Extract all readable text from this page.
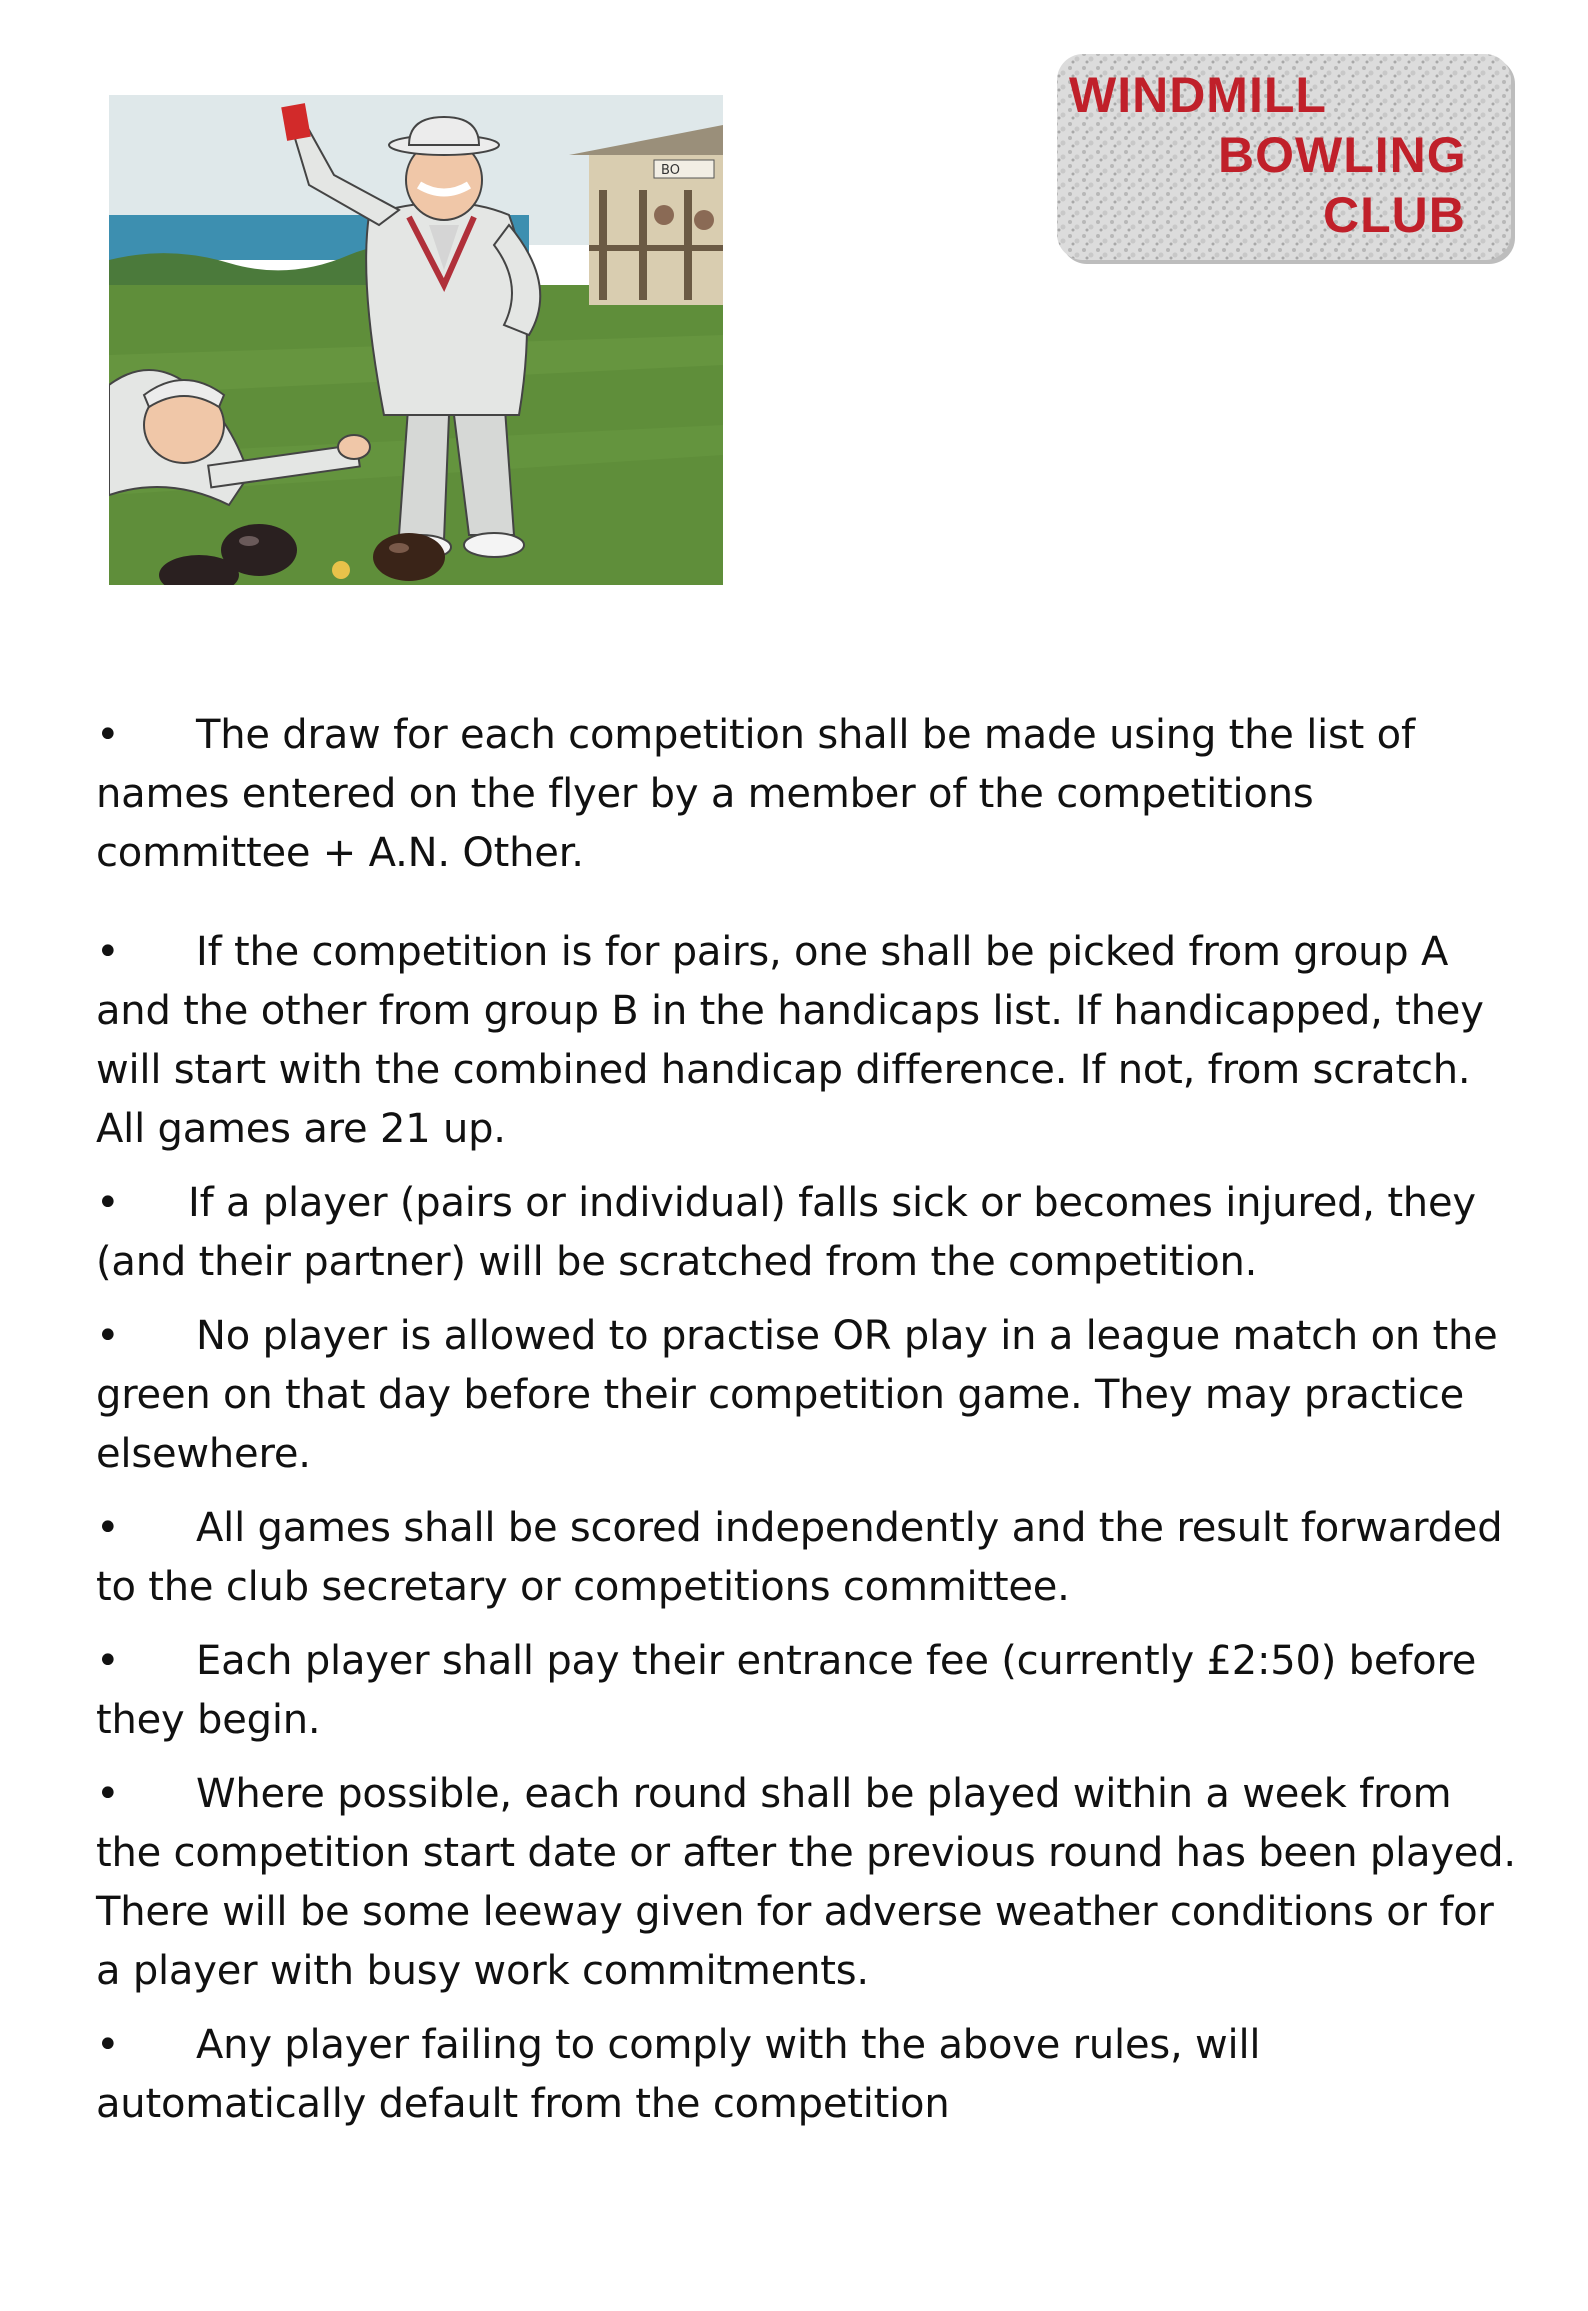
BO
WINDMILL
BOWLING
CLUB

• The draw for each competition shall be made using the list of names entered on the flyer by a member of the competitions committee + A.N. Other.

• If the competition is for pairs, one shall be picked from group A and the other from group B in the handicaps list. If handicapped, they will start with the combined handicap difference. If not, from scratch. All games are 21 up.

• If a player (pairs or individual) falls sick or becomes injured, they (and their partner) will be scratched from the competition.

• No player is allowed to practise OR play in a league match on the green on that day before their competition game. They may practice elsewhere.

• All games shall be scored independently and the result forwarded to the club secretary or competitions committee.

• Each player shall pay their entrance fee (currently £2:50) before they begin.

• Where possible, each round shall be played within a week from the competition start date or after the previous round has been played. There will be some leeway given for adverse weather conditions or for a player with busy work commitments.

• Any player failing to comply with the above rules, will automatically default from the competition
